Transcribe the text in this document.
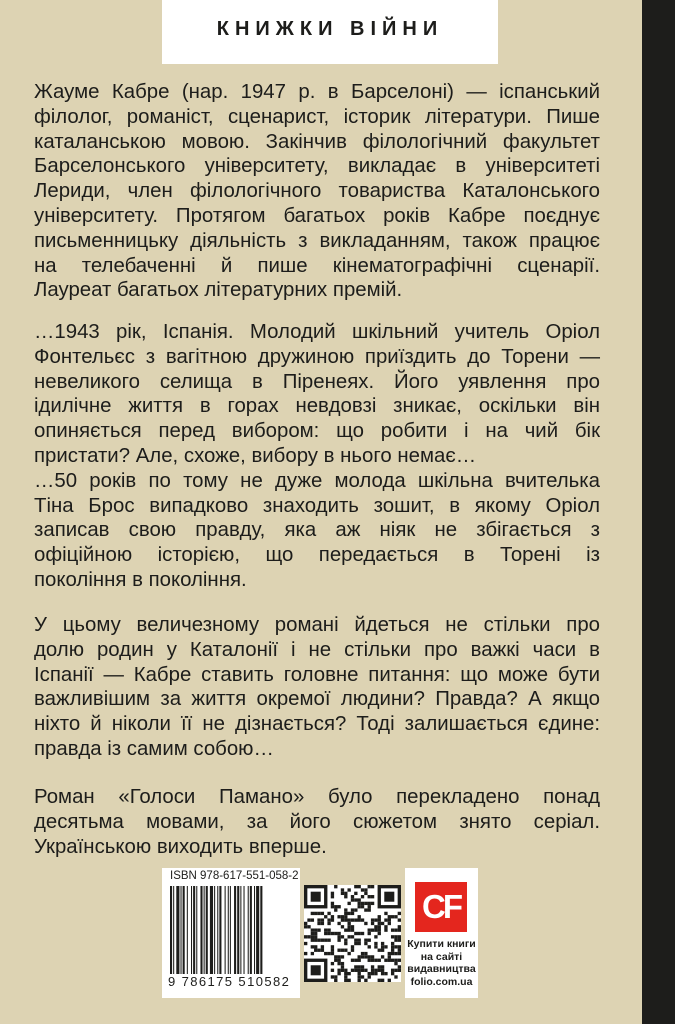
КНИЖКИ ВІЙНИ
Жауме Кабре (нар. 1947 р. в Барселоні) — іспанський
філолог, романіст, сценарист, історик літератури. Пише
каталанською мовою. Закінчив філологічний факультет
Барселонського університету, викладає в університеті
Лериди, член філологічного товариства Каталонського
університету. Протягом багатьох років Кабре поєднує
письменницьку діяльність з викладанням, також працює
на телебаченні й пише кінематографічні сценарії.
Лауреат багатьох літературних премій.
…1943 рік, Іспанія. Молодий шкільний учитель Оріол
Фонтельєс з вагітною дружиною приїздить до Торени —
невеликого селища в Піренеях. Його уявлення про
ідилічне життя в горах невдовзі зникає, оскільки він
опиняється перед вибором: що робити і на чий бік
пристати? Але, схоже, вибору в нього немає…
…50 років по тому не дуже молода шкільна вчителька
Тіна Брос випадково знаходить зошит, в якому Оріол
записав свою правду, яка аж ніяк не збігається з
офіційною історією, що передається в Торені із
покоління в покоління.
У цьому величезному романі йдеться не стільки про
долю родин у Каталонії і не стільки про важкі часи в
Іспанії — Кабре ставить головне питання: що може бути
важливішим за життя окремої людини? Правда? А якщо
ніхто й ніколи її не дізнається? Тоді залишається єдине:
правда із самим собою…
Роман «Голоси Памано» було перекладено понад
десятьма мовами, за його сюжетом знято серіал.
Українською виходить вперше.
ISBN 978-617-551-058-2
9 786175 510582
CF
Купити книги
на сайті
видавництва
folio.com.ua
